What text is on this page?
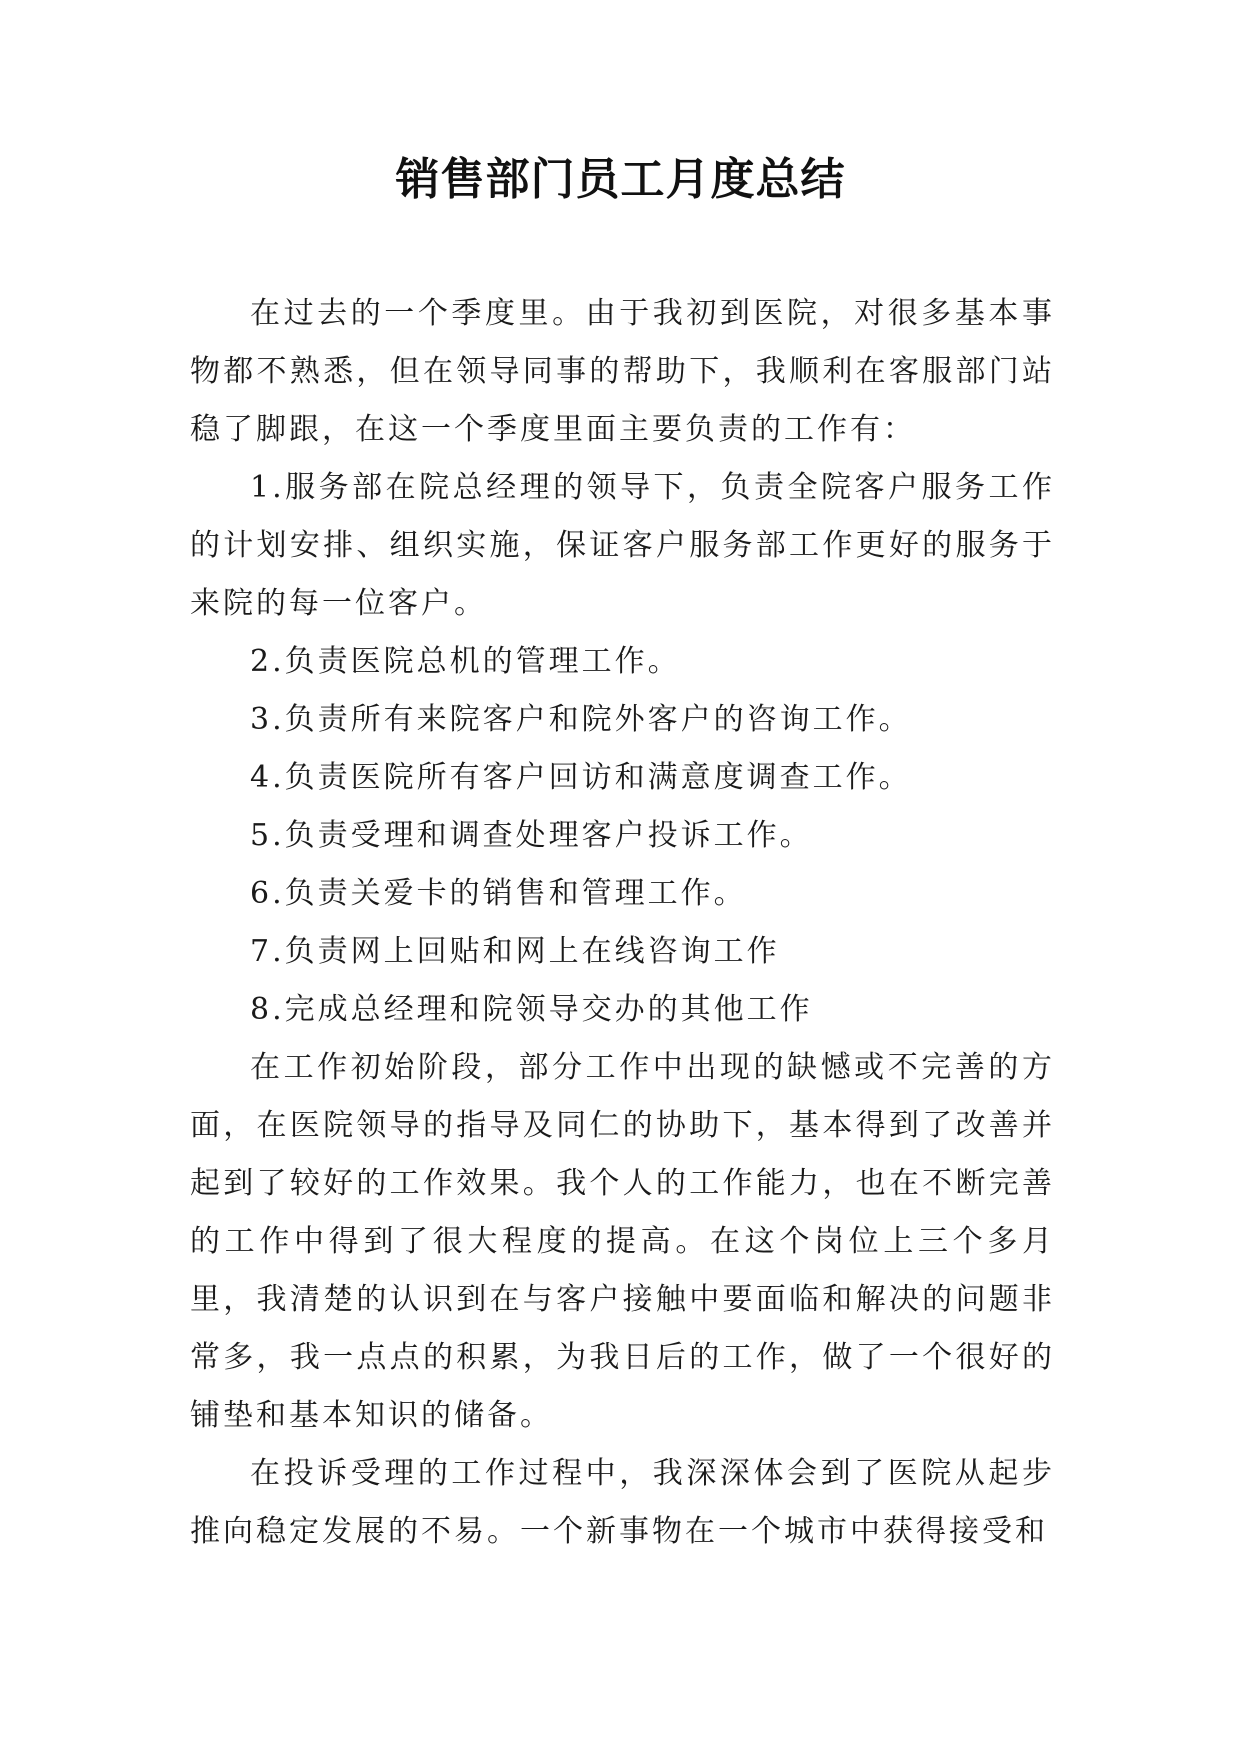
销售部门员工月度总结

在过去的一个季度里。由于我初到医院，对很多基本事物都不熟悉，但在领导同事的帮助下，我顺利在客服部门站稳了脚跟，在这一个季度里面主要负责的工作有：

1.服务部在院总经理的领导下，负责全院客户服务工作的计划安排、组织实施，保证客户服务部工作更好的服务于来院的每一位客户。

2.负责医院总机的管理工作。

3.负责所有来院客户和院外客户的咨询工作。

4.负责医院所有客户回访和满意度调查工作。

5.负责受理和调查处理客户投诉工作。

6.负责关爱卡的销售和管理工作。

7.负责网上回贴和网上在线咨询工作

8.完成总经理和院领导交办的其他工作

在工作初始阶段，部分工作中出现的缺憾或不完善的方面，在医院领导的指导及同仁的协助下，基本得到了改善并起到了较好的工作效果。我个人的工作能力，也在不断完善的工作中得到了很大程度的提高。在这个岗位上三个多月里，我清楚的认识到在与客户接触中要面临和解决的问题非常多，我一点点的积累，为我日后的工作，做了一个很好的铺垫和基本知识的储备。

在投诉受理的工作过程中，我深深体会到了医院从起步推向稳定发展的不易。一个新事物在一个城市中获得接受和
